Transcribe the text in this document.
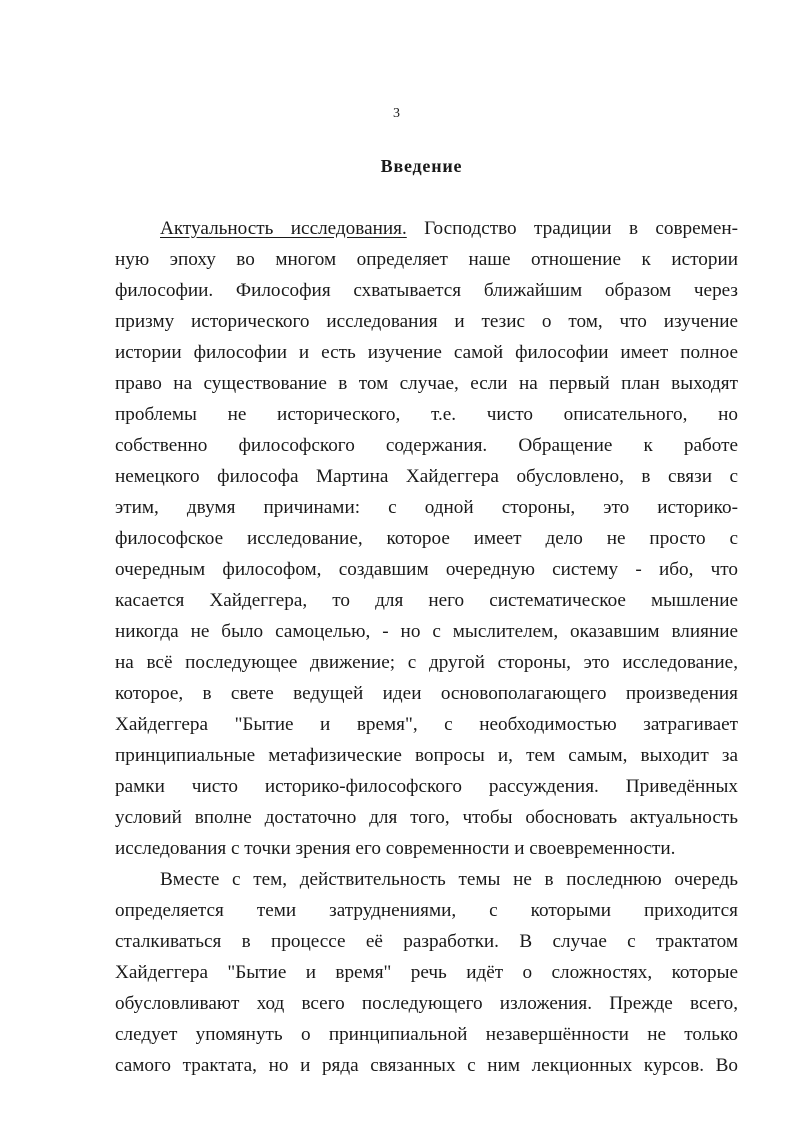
3
Введение
Актуальность исследования. Господство традиции в современ-
ную эпоху во многом определяет наше отношение к истории
философии. Философия схватывается ближайшим образом через
призму исторического исследования и тезис о том, что изучение
истории философии и есть изучение самой философии имеет полное
право на существование в том случае, если на первый план выходят
проблемы не исторического, т.е. чисто описательного, но
собственно философского содержания. Обращение к работе
немецкого философа Мартина Хайдеггера обусловлено, в связи с
этим, двумя причинами: с одной стороны, это историко-
философское исследование, которое имеет дело не просто с
очередным философом, создавшим очередную систему - ибо, что
касается Хайдеггера, то для него систематическое мышление
никогда не было самоцелью, - но с мыслителем, оказавшим влияние
на всё последующее движение; с другой стороны, это исследование,
которое, в свете ведущей идеи основополагающего произведения
Хайдеггера "Бытие и время", с необходимостью затрагивает
принципиальные метафизические вопросы и, тем самым, выходит за
рамки чисто историко-философского рассуждения. Приведённых
условий вполне достаточно для того, чтобы обосновать актуальность
исследования с точки зрения его современности и своевременности.
Вместе с тем, действительность темы не в последнюю очередь
определяется теми затруднениями, с которыми приходится
сталкиваться в процессе её разработки. В случае с трактатом
Хайдеггера "Бытие и время" речь идёт о сложностях, которые
обусловливают ход всего последующего изложения. Прежде всего,
следует упомянуть о принципиальной незавершённости не только
самого трактата, но и ряда связанных с ним лекционных курсов. Во
